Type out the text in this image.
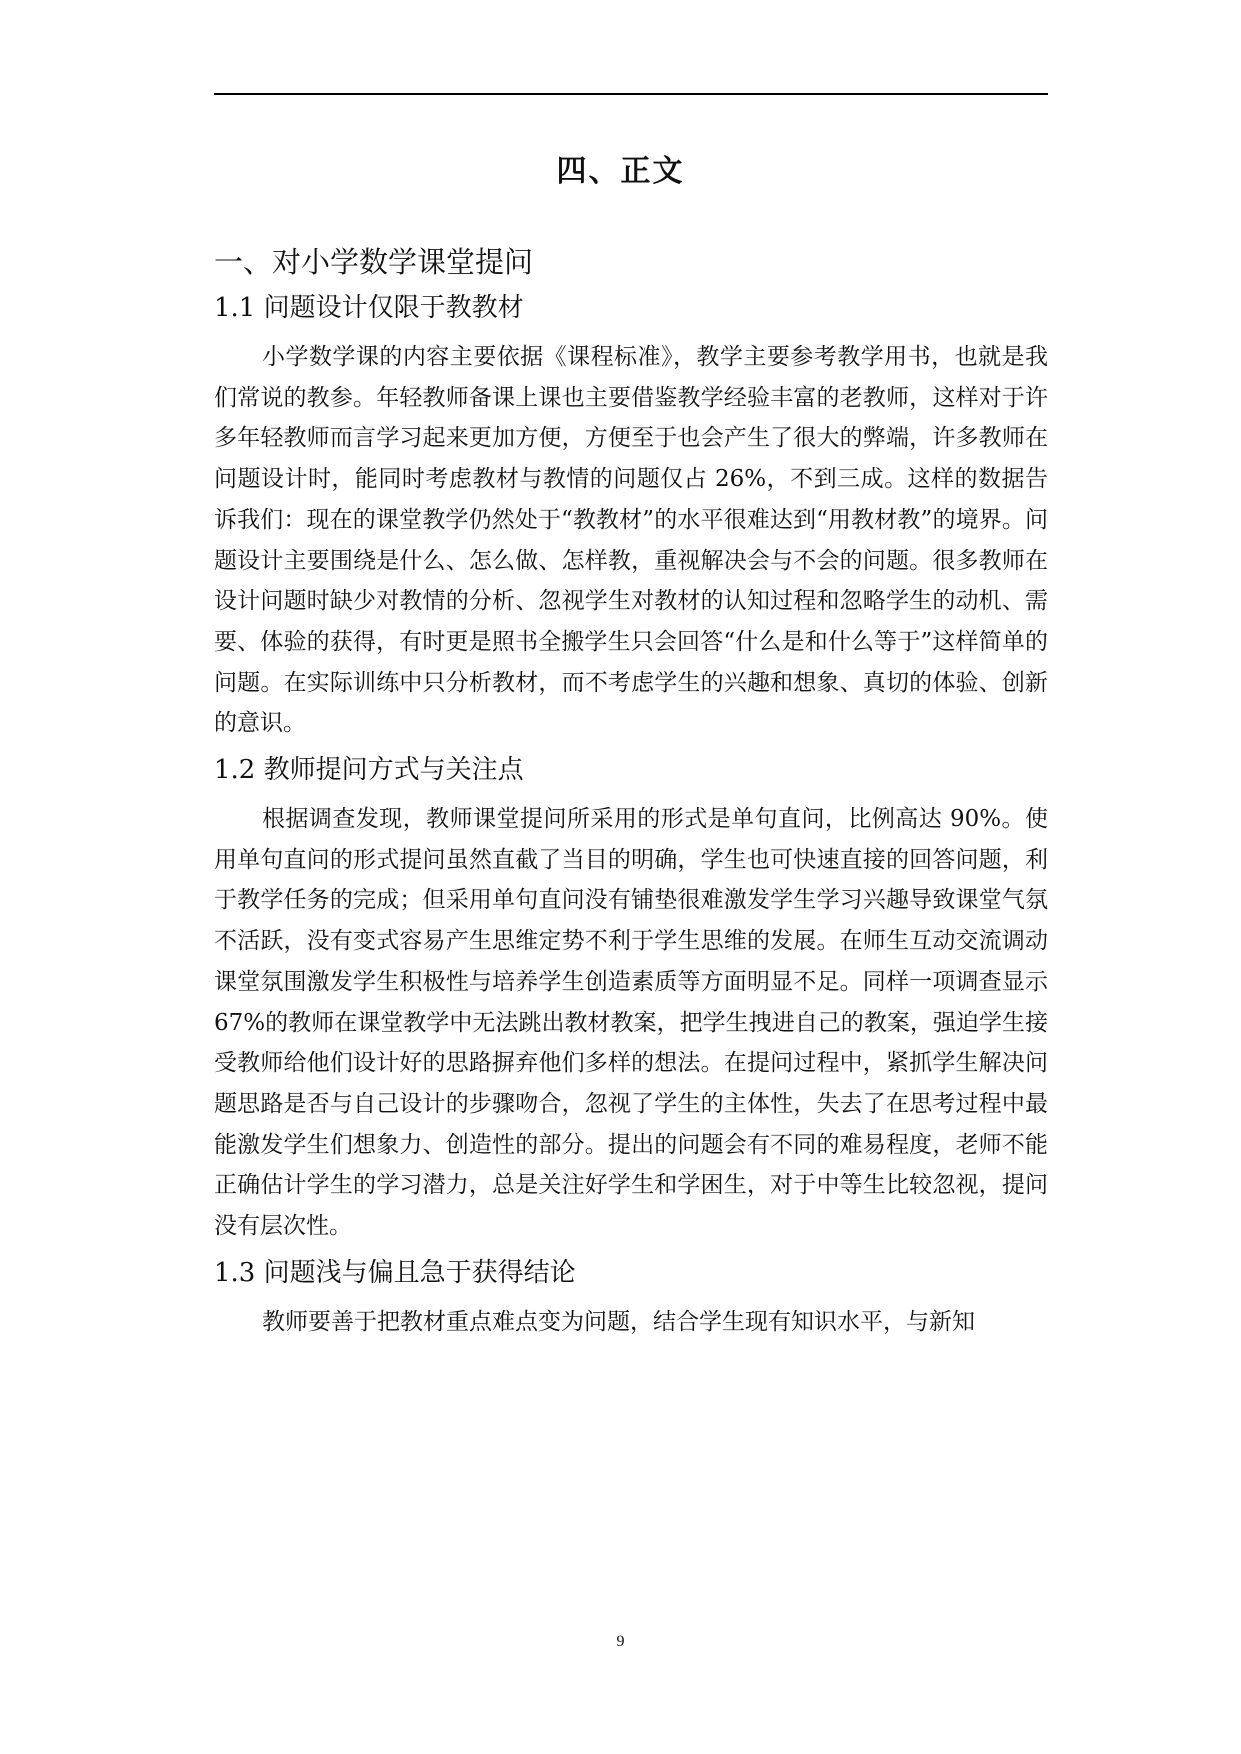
四、正文
一、对小学数学课堂提问
1.1 问题设计仅限于教教材

小学数学课的内容主要依据《课程标准》，教学主要参考教学用书，也就是我们常说的教参。年轻教师备课上课也主要借鉴教学经验丰富的老教师，这样对于许多年轻教师而言学习起来更加方便，方便至于也会产生了很大的弊端，许多教师在问题设计时，能同时考虑教材与教情的问题仅占 26%，不到三成。这样的数据告诉我们：现在的课堂教学仍然处于“教教材”的水平很难达到“用教材教”的境界。问题设计主要围绕是什么、怎么做、怎样教，重视解决会与不会的问题。很多教师在设计问题时缺少对教情的分析、忽视学生对教材的认知过程和忽略学生的动机、需要、体验的获得，有时更是照书全搬学生只会回答“什么是和什么等于”这样简单的问题。在实际训练中只分析教材，而不考虑学生的兴趣和想象、真切的体验、创新的意识。

1.2 教师提问方式与关注点

根据调查发现，教师课堂提问所采用的形式是单句直问，比例高达 90%。使用单句直问的形式提问虽然直截了当目的明确，学生也可快速直接的回答问题，利于教学任务的完成；但采用单句直问没有铺垫很难激发学生学习兴趣导致课堂气氛不活跃，没有变式容易产生思维定势不利于学生思维的发展。在师生互动交流调动课堂氛围激发学生积极性与培养学生创造素质等方面明显不足。同样一项调查显示 67%的教师在课堂教学中无法跳出教材教案，把学生拽进自己的教案，强迫学生接受教师给他们设计好的思路摒弃他们多样的想法。在提问过程中，紧抓学生解决问题思路是否与自己设计的步骤吻合，忽视了学生的主体性，失去了在思考过程中最能激发学生们想象力、创造性的部分。提出的问题会有不同的难易程度，老师不能正确估计学生的学习潜力，总是关注好学生和学困生，对于中等生比较忽视，提问没有层次性。

1.3 问题浅与偏且急于获得结论

教师要善于把教材重点难点变为问题，结合学生现有知识水平，与新知

9
